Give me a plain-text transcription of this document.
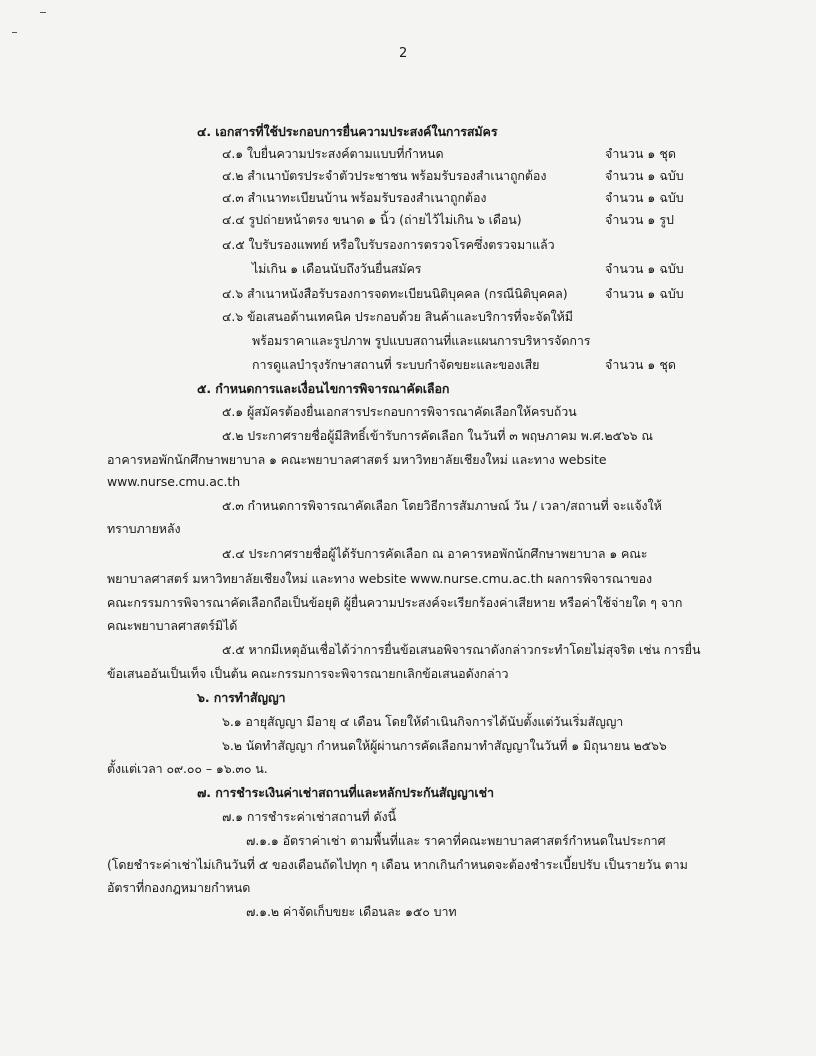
2
๔. เอกสารที่ใช้ประกอบการยื่นความประสงค์ในการสมัคร
๔.๑ ใบยื่นความประสงค์ตามแบบที่กำหนด	จำนวน ๑ ชุด
๔.๒ สำเนาบัตรประจำตัวประชาชน พร้อมรับรองสำเนาถูกต้อง	จำนวน ๑ ฉบับ
๔.๓ สำเนาทะเบียนบ้าน พร้อมรับรองสำเนาถูกต้อง	จำนวน ๑ ฉบับ
๔.๔ รูปถ่ายหน้าตรง ขนาด ๑ นิ้ว (ถ่ายไว้ไม่เกิน ๖ เดือน)	จำนวน ๑ รูป
๔.๕ ใบรับรองแพทย์ หรือใบรับรองการตรวจโรคซึ่งตรวจมาแล้ว
ไม่เกิน ๑ เดือนนับถึงวันยื่นสมัคร	จำนวน ๑ ฉบับ
๔.๖ สำเนาหนังสือรับรองการจดทะเบียนนิติบุคคล (กรณีนิติบุคคล)	จำนวน ๑ ฉบับ
๔.๖ ข้อเสนอด้านเทคนิค ประกอบด้วย สินค้าและบริการที่จะจัดให้มี
พร้อมราคาและรูปภาพ รูปแบบสถานที่และแผนการบริหารจัดการ
การดูแลบำรุงรักษาสถานที่ ระบบกำจัดขยะและของเสีย	จำนวน ๑ ชุด
๕. กำหนดการและเงื่อนไขการพิจารณาคัดเลือก
๕.๑ ผู้สมัครต้องยื่นเอกสารประกอบการพิจารณาคัดเลือกให้ครบถ้วน
๕.๒ ประกาศรายชื่อผู้มีสิทธิ์เข้ารับการคัดเลือก ในวันที่ ๓ พฤษภาคม พ.ศ.๒๕๖๖ ณ
อาคารหอพักนักศึกษาพยาบาล ๑ คณะพยาบาลศาสตร์ มหาวิทยาลัยเชียงใหม่ และทาง website
www.nurse.cmu.ac.th
๕.๓ กำหนดการพิจารณาคัดเลือก โดยวิธีการสัมภาษณ์ วัน / เวลา/สถานที่ จะแจ้งให้
ทราบภายหลัง
๕.๔ ประกาศรายชื่อผู้ได้รับการคัดเลือก ณ อาคารหอพักนักศึกษาพยาบาล ๑ คณะ
พยาบาลศาสตร์ มหาวิทยาลัยเชียงใหม่ และทาง website www.nurse.cmu.ac.th ผลการพิจารณาของ
คณะกรรมการพิจารณาคัดเลือกถือเป็นข้อยุติ ผู้ยื่นความประสงค์จะเรียกร้องค่าเสียหาย หรือค่าใช้จ่ายใด ๆ จาก
คณะพยาบาลศาสตร์มิได้
๕.๕ หากมีเหตุอันเชื่อได้ว่าการยื่นข้อเสนอพิจารณาดังกล่าวกระทำโดยไม่สุจริต เช่น การยื่น
ข้อเสนออันเป็นเท็จ เป็นต้น คณะกรรมการจะพิจารณายกเลิกข้อเสนอดังกล่าว
๖. การทำสัญญา
๖.๑ อายุสัญญา มีอายุ ๔ เดือน โดยให้ดำเนินกิจการได้นับตั้งแต่วันเริ่มสัญญา
๖.๒ นัดทำสัญญา กำหนดให้ผู้ผ่านการคัดเลือกมาทำสัญญาในวันที่ ๑ มิถุนายน ๒๕๖๖
ตั้งแต่เวลา ๐๙.๐๐ – ๑๖.๓๐ น.
๗. การชำระเงินค่าเช่าสถานที่และหลักประกันสัญญาเช่า
๗.๑ การชำระค่าเช่าสถานที่ ดังนี้
๗.๑.๑ อัตราค่าเช่า ตามพื้นที่และ ราคาที่คณะพยาบาลศาสตร์กำหนดในประกาศ
(โดยชำระค่าเช่าไม่เกินวันที่ ๕ ของเดือนถัดไปทุก ๆ เดือน หากเกินกำหนดจะต้องชำระเบี้ยปรับ เป็นรายวัน ตาม
อัตราที่กองกฎหมายกำหนด
๗.๑.๒ ค่าจัดเก็บขยะ เดือนละ ๑๕๐ บาท
